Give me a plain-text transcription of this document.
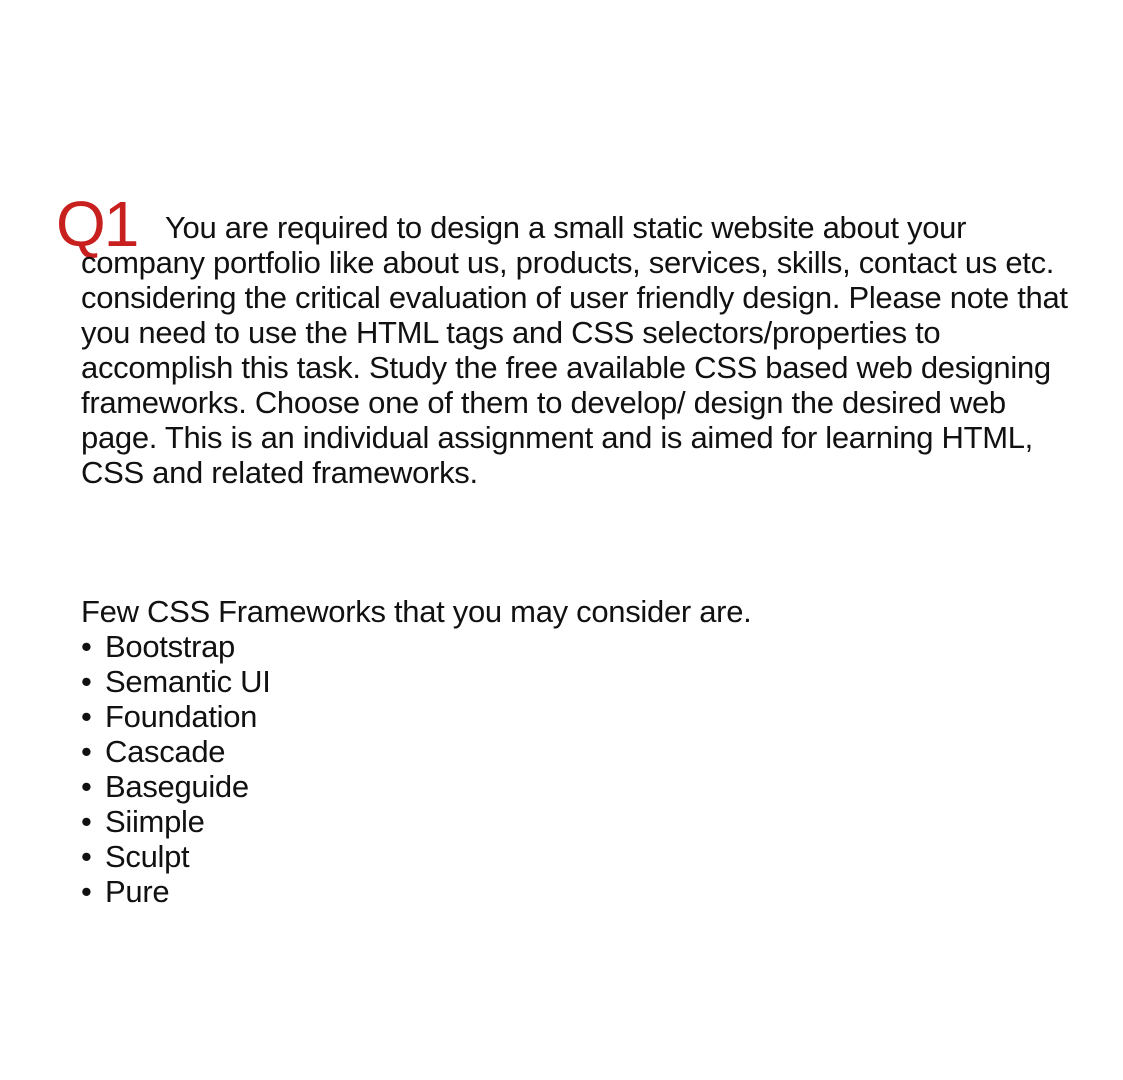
Q1 You are required to design a small static website about your company portfolio like about us, products, services, skills, contact us etc. considering the critical evaluation of user friendly design. Please note that you need to use the HTML tags and CSS selectors/properties to accomplish this task. Study the free available CSS based web designing frameworks. Choose one of them to develop/ design the desired web page. This is an individual assignment and is aimed for learning HTML, CSS and related frameworks.
Few CSS Frameworks that you may consider are.
• Bootstrap
• Semantic UI
• Foundation
• Cascade
• Baseguide
• Siimple
• Sculpt
• Pure
